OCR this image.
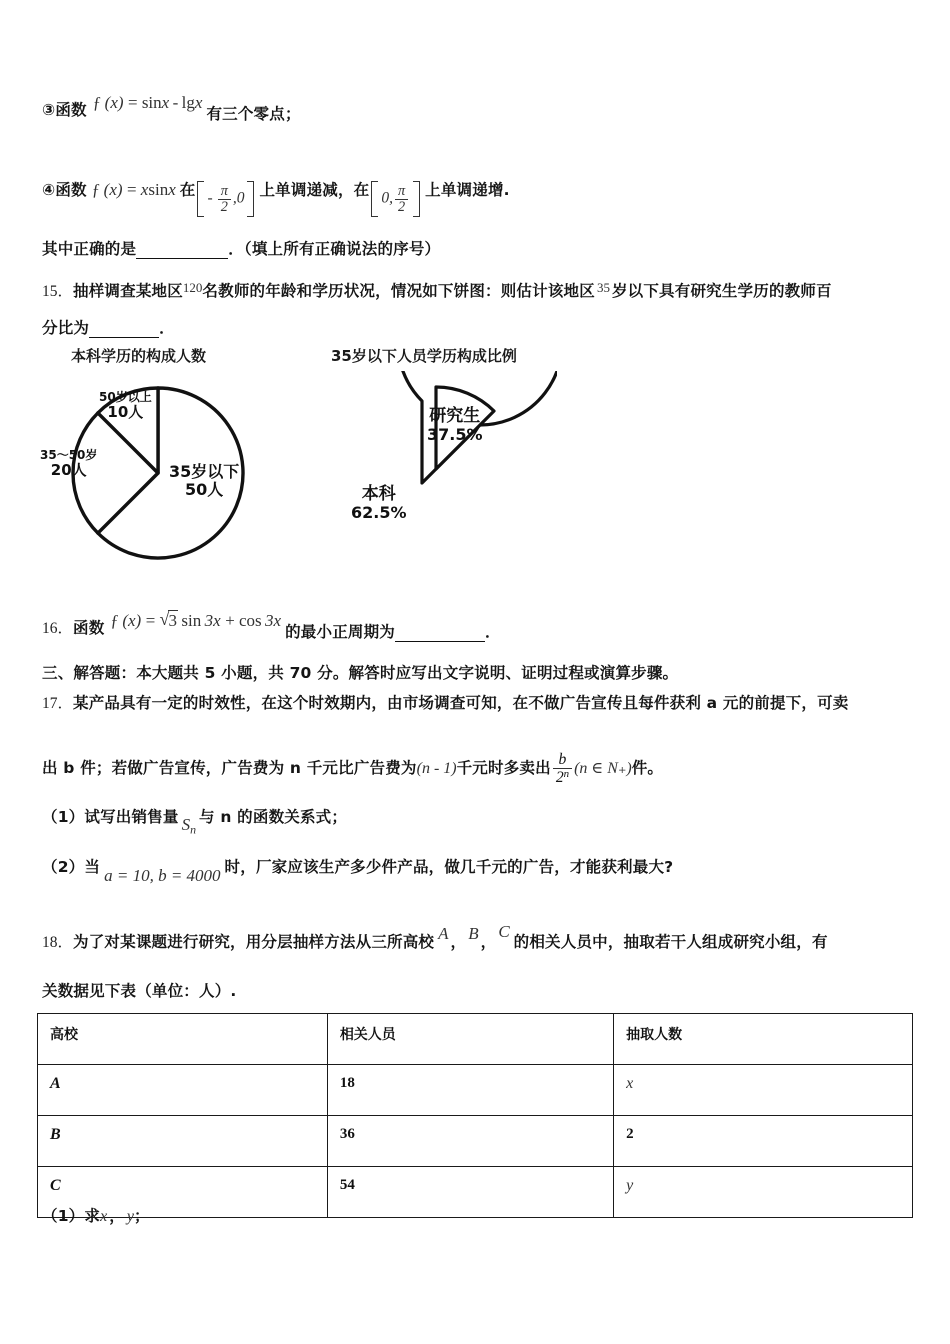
③函数 ƒ (x) = sinx - lgx有三个零点；
④函数 ƒ (x) = xsinx 在 -  $\frac{\pi}{2} ,0$ 上单调递减，在 0, $\frac{\pi}{2}$ 上单调递增.
其中正确的是	．（填上所有正确说法的序号）
15．抽样调查某地区$^{120}$名教师的年龄和学历状况，情况如下饼图：则估计该地区 $^{35}$ 岁以下具有研究生学历的教师百
分比为	．
本科学历的构成人数	35岁以下人员学历构成比例
50岁以上
10人
35～50岁
20人	35岁以下
50人
研究生
37.5%
本科
62.5%
16．函数 ƒ (x) = √ 3  sin 3x + cos 3x的最小正周期为	．
三、解答题：本大题共 5 小题，共 70 分。解答时应写出文字说明、证明过程或演算步骤。
17．某产品具有一定的时效性，在这个时效期内，由市场调查可知，在不做广告宣传且每件获利 a 元的前提下，可卖
出 b 件；若做广告宣传，广告费为 n 千元比广告费为(n - 1)千元时多卖出 $\frac{b}{2^n} (n$ ∈ N₊)件。
（1）试写出销售量 $S_n$与 n 的函数关系式；
（2）当 a = 10, b = 4000 时，厂家应该生产多少件产品，做几千元的广告，才能获利最大?
18．为了对某课题进行研究，用分层抽样方法从三所高校 A ， B ，C的相关人员中，抽取若干人组成研究小组，有
关数据见下表（单位：人）.
高校	相关人员	抽取人数
A	18	x
B	36	2
C	54	y
（1）求x ， y；
